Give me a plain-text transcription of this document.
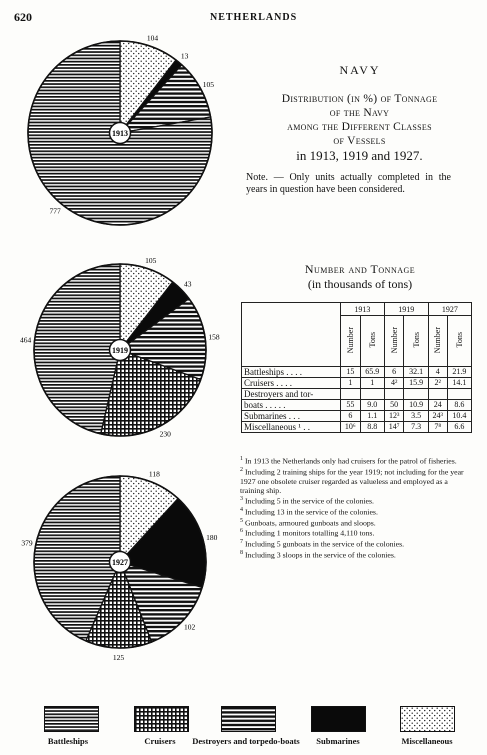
620	NETHERLANDS
104
13
105
777
1913
105
43
158
230
464
1919
118
180
102
125
379
1927
NAVY
Distribution (in %) of Tonnage
of the Navy
among the Different Classes
of Vessels
in 1913, 1919 and 1927.
Note. — Only units actually completed in the years in question have been considered.
Number and Tonnage
(in thousands of tons)
	1913		1919		1927	
	Number	Tons	Number	Tons	Number	Tons
Battleships . . . .	15	65.9	6	32.1	4	21.9
Cruisers . . . .	1	1	4²	15.9	2²	14.1
Destroyers and tor-						
boats . . . . .	55	9.0	50	10.9	24	8.6
Submarines . . .	6	1.1	12³	3.5	24³	10.4
Miscellaneous ¹ . .	10⁶	8.8	14⁷	7.3	7⁸	6.6

$^1$ In 1913 the Netherlands only had cruisers for the patrol of fisheries.

$^2$ Including 2 training ships for the year 1919; not including for the year 1927 one obsolete cruiser regarded as valueless and employed as a training ship.

$^3$ Including 5 in the service of the colonies.

$^4$ Including 13 in the service of the colonies.

$^5$ Gunboats, armoured gunboats and sloops.

$^6$ Including 1 monitors totalling 4,110 tons.

$^7$ Including 5 gunboats in the service of the colonies.

$^8$ Including 3 sloops in the service of the colonies.

Battleships	Cruisers	Destroyers and torpedo-boats	Submarines	Miscellaneous
